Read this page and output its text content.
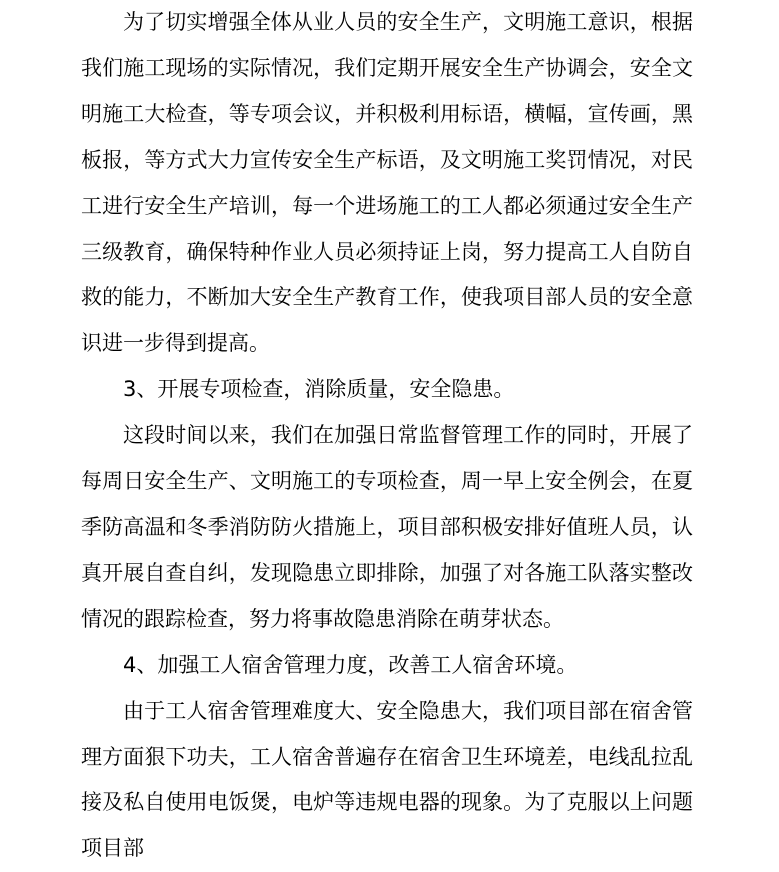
为了切实增强全体从业人员的安全生产，文明施工意识，根据我们施工现场的实际情况，我们定期开展安全生产协调会，安全文明施工大检查，等专项会议，并积极利用标语，横幅，宣传画，黑板报，等方式大力宣传安全生产标语，及文明施工奖罚情况，对民工进行安全生产培训，每一个进场施工的工人都必须通过安全生产三级教育，确保特种作业人员必须持证上岗，努力提高工人自防自救的能力，不断加大安全生产教育工作，使我项目部人员的安全意识进一步得到提高。

3、开展专项检查，消除质量，安全隐患。

这段时间以来，我们在加强日常监督管理工作的同时，开展了每周日安全生产、文明施工的专项检查，周一早上安全例会，在夏季防高温和冬季消防防火措施上，项目部积极安排好值班人员，认真开展自查自纠，发现隐患立即排除，加强了对各施工队落实整改情况的跟踪检查，努力将事故隐患消除在萌芽状态。

4、加强工人宿舍管理力度，改善工人宿舍环境。

由于工人宿舍管理难度大、安全隐患大，我们项目部在宿舍管理方面狠下功夫，工人宿舍普遍存在宿舍卫生环境差，电线乱拉乱接及私自使用电饭煲，电炉等违规电器的现象。为了克服以上问题项目部
